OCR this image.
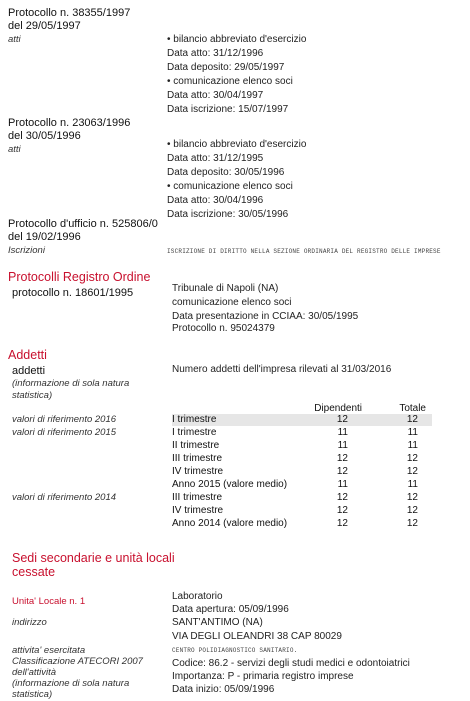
Protocollo n. 38355/1997
del 29/05/1997
atti	• bilancio abbreviato d'esercizio
Data atto: 31/12/1996
Data deposito: 29/05/1997
• comunicazione elenco soci
Data atto: 30/04/1997
Data iscrizione: 15/07/1997
Protocollo n. 23063/1996
del 30/05/1996
atti	• bilancio abbreviato d'esercizio
Data atto: 31/12/1995
Data deposito: 30/05/1996
• comunicazione elenco soci
Data atto: 30/04/1996
Data iscrizione: 30/05/1996
Protocollo d'ufficio n. 525806/0
del 19/02/1996
Iscrizioni	ISCRIZIONE DI DIRITTO NELLA SEZIONE ORDINARIA DEL REGISTRO DELLE IMPRESE
Protocolli Registro Ordine
protocollo n. 18601/1995	Tribunale di Napoli (NA)
comunicazione elenco soci
Data presentazione in CCIAA: 30/05/1995
Protocollo n. 95024379
Addetti
addetti
(informazione di sola natura
statistica)
Numero addetti dell'impresa rilevati al 31/03/2016
Dipendenti	Totale
valori di riferimento 2016	I trimestre	12	12
valori di riferimento 2015	I trimestre	11	11
II trimestre	11	11
III trimestre	12	12
IV trimestre	12	12
Anno 2015 (valore medio)	11	11
valori di riferimento 2014	III trimestre	12	12
IV trimestre	12	12
Anno 2014 (valore medio)	12	12
Sedi secondarie e unità locali
cessate
Unita' Locale n. 1	Laboratorio
Data apertura: 05/09/1996
indirizzo	SANT'ANTIMO (NA)
VIA DEGLI OLEANDRI 38 CAP 80029
attivita' esercitata	CENTRO POLIDIAGNOSTICO SANITARIO.
Classificazione ATECORI 2007
dell'attività
(informazione di sola natura
statistica)
Codice: 86.2 - servizi degli studi medici e odontoiatrici
Importanza: P - primaria registro imprese
Data inizio: 05/09/1996
